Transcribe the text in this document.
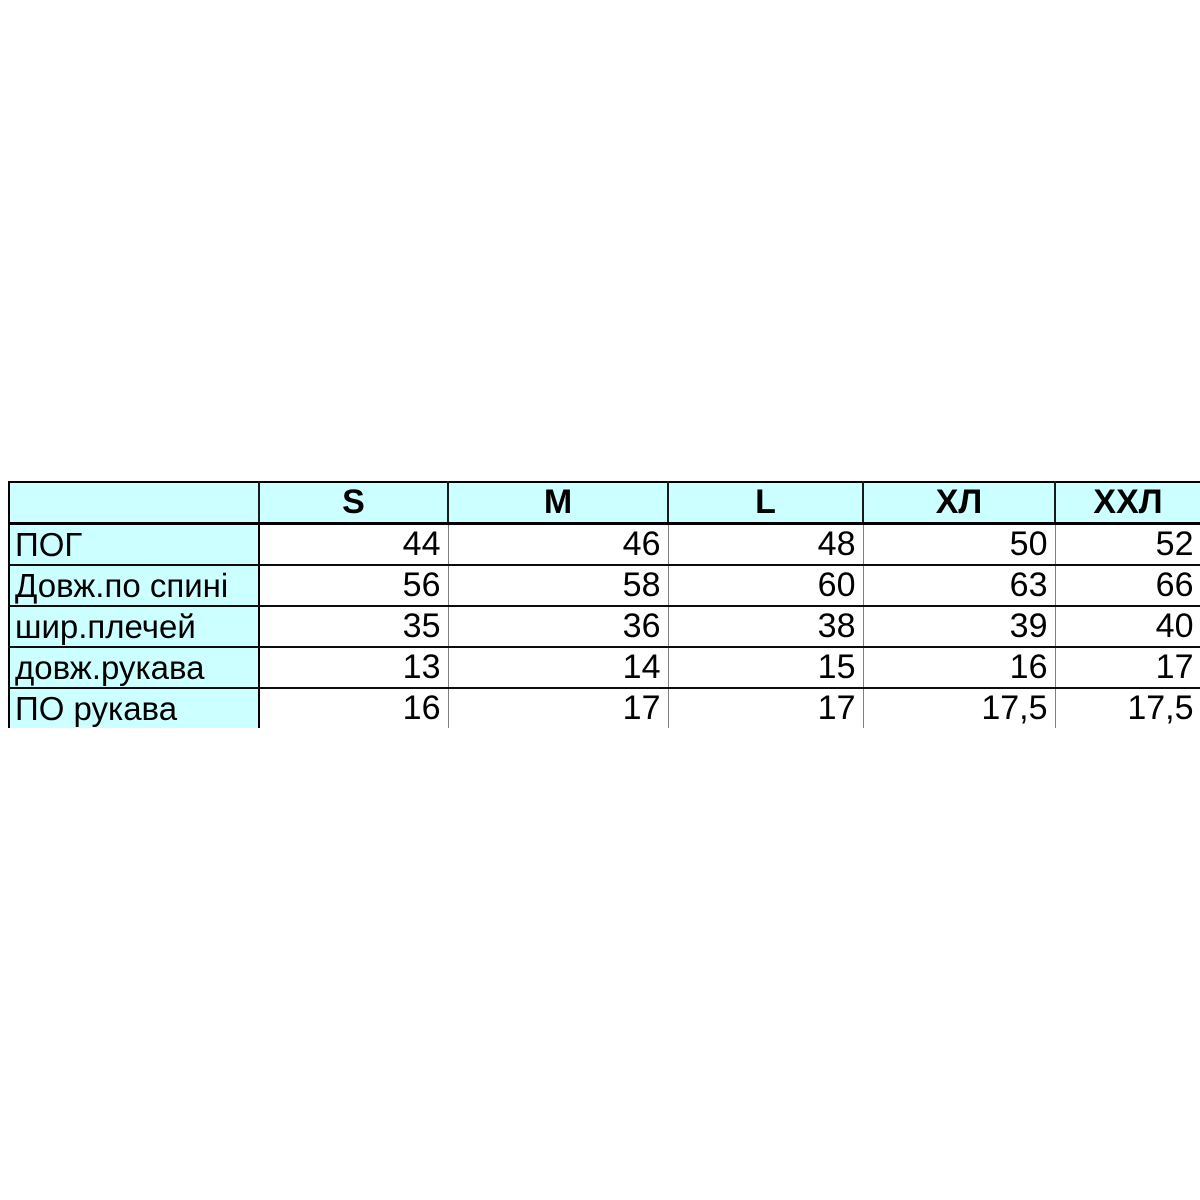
	S	M	L	ХЛ	ХХЛ
ПОГ	44	46	48	50	52
Довж.по спині	56	58	60	63	66
шир.плечей	35	36	38	39	40
довж.рукава	13	14	15	16	17
ПО рукава	16	17	17	17,5	17,5
